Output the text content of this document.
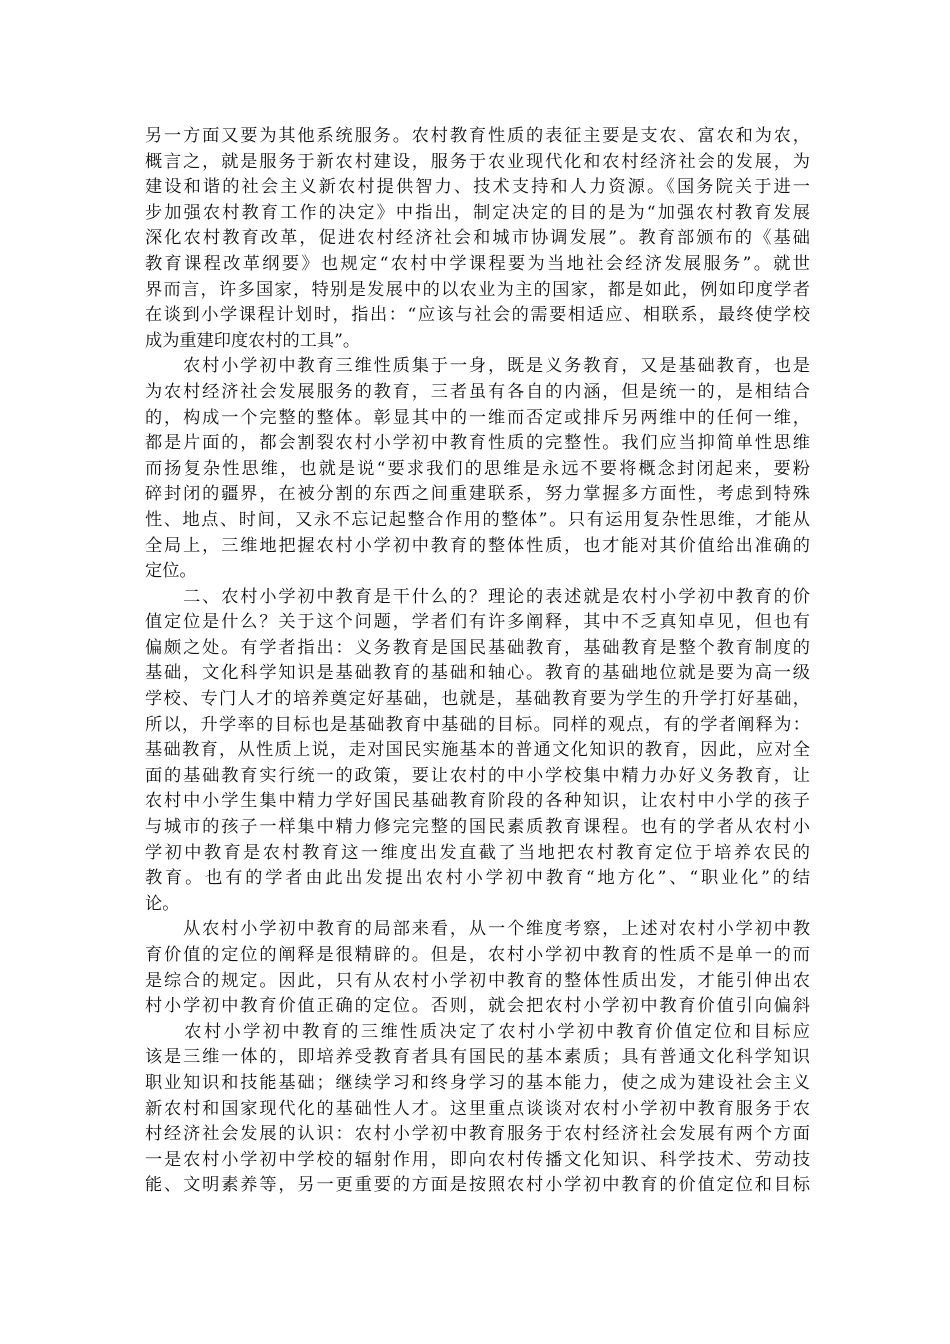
另一方面又要为其他系统服务。农村教育性质的表征主要是支农、富农和为农，
概言之，就是服务于新农村建设，服务于农业现代化和农村经济社会的发展，为
建设和谐的社会主义新农村提供智力、技术支持和人力资源。《国务院关于进一
步加强农村教育工作的决定》中指出，制定决定的目的是为“加强农村教育发展
深化农村教育改革，促进农村经济社会和城市协调发展”。教育部颁布的《基础
教育课程改革纲要》也规定“农村中学课程要为当地社会经济发展服务”。就世
界而言，许多国家，特别是发展中的以农业为主的国家，都是如此，例如印度学者
在谈到小学课程计划时，指出：“应该与社会的需要相适应、相联系，最终使学校
成为重建印度农村的工具”。
　　农村小学初中教育三维性质集于一身，既是义务教育，又是基础教育，也是
为农村经济社会发展服务的教育，三者虽有各自的内涵，但是统一的，是相结合
的，构成一个完整的整体。彰显其中的一维而否定或排斥另两维中的任何一维，
都是片面的，都会割裂农村小学初中教育性质的完整性。我们应当抑简单性思维
而扬复杂性思维，也就是说“要求我们的思维是永远不要将概念封闭起来，要粉
碎封闭的疆界，在被分割的东西之间重建联系，努力掌握多方面性，考虑到特殊
性、地点、时间，又永不忘记起整合作用的整体”。只有运用复杂性思维，才能从
全局上，三维地把握农村小学初中教育的整体性质，也才能对其价值给出准确的
定位。
　　二、农村小学初中教育是干什么的？理论的表述就是农村小学初中教育的价
值定位是什么？关于这个问题，学者们有许多阐释，其中不乏真知卓见，但也有
偏颇之处。有学者指出：义务教育是国民基础教育，基础教育是整个教育制度的
基础，文化科学知识是基础教育的基础和轴心。教育的基础地位就是要为高一级
学校、专门人才的培养奠定好基础，也就是，基础教育要为学生的升学打好基础，
所以，升学率的目标也是基础教育中基础的目标。同样的观点，有的学者阐释为：
基础教育，从性质上说，走对国民实施基本的普通文化知识的教育，因此，应对全
面的基础教育实行统一的政策，要让农村的中小学校集中精力办好义务教育，让
农村中小学生集中精力学好国民基础教育阶段的各种知识，让农村中小学的孩子
与城市的孩子一样集中精力修完完整的国民素质教育课程。也有的学者从农村小
学初中教育是农村教育这一维度出发直截了当地把农村教育定位于培养农民的
教育。也有的学者由此出发提出农村小学初中教育“地方化”、“职业化”的结
论。
　　从农村小学初中教育的局部来看，从一个维度考察，上述对农村小学初中教
育价值的定位的阐释是很精辟的。但是，农村小学初中教育的性质不是单一的而
是综合的规定。因此，只有从农村小学初中教育的整体性质出发，才能引伸出农
村小学初中教育价值正确的定位。否则，就会把农村小学初中教育价值引向偏斜
　　农村小学初中教育的三维性质决定了农村小学初中教育价值定位和目标应
该是三维一体的，即培养受教育者具有国民的基本素质；具有普通文化科学知识
职业知识和技能基础；继续学习和终身学习的基本能力，使之成为建设社会主义
新农村和国家现代化的基础性人才。这里重点谈谈对农村小学初中教育服务于农
村经济社会发展的认识：农村小学初中教育服务于农村经济社会发展有两个方面
一是农村小学初中学校的辐射作用，即向农村传播文化知识、科学技术、劳动技
能、文明素养等，另一更重要的方面是按照农村小学初中教育的价值定位和目标
